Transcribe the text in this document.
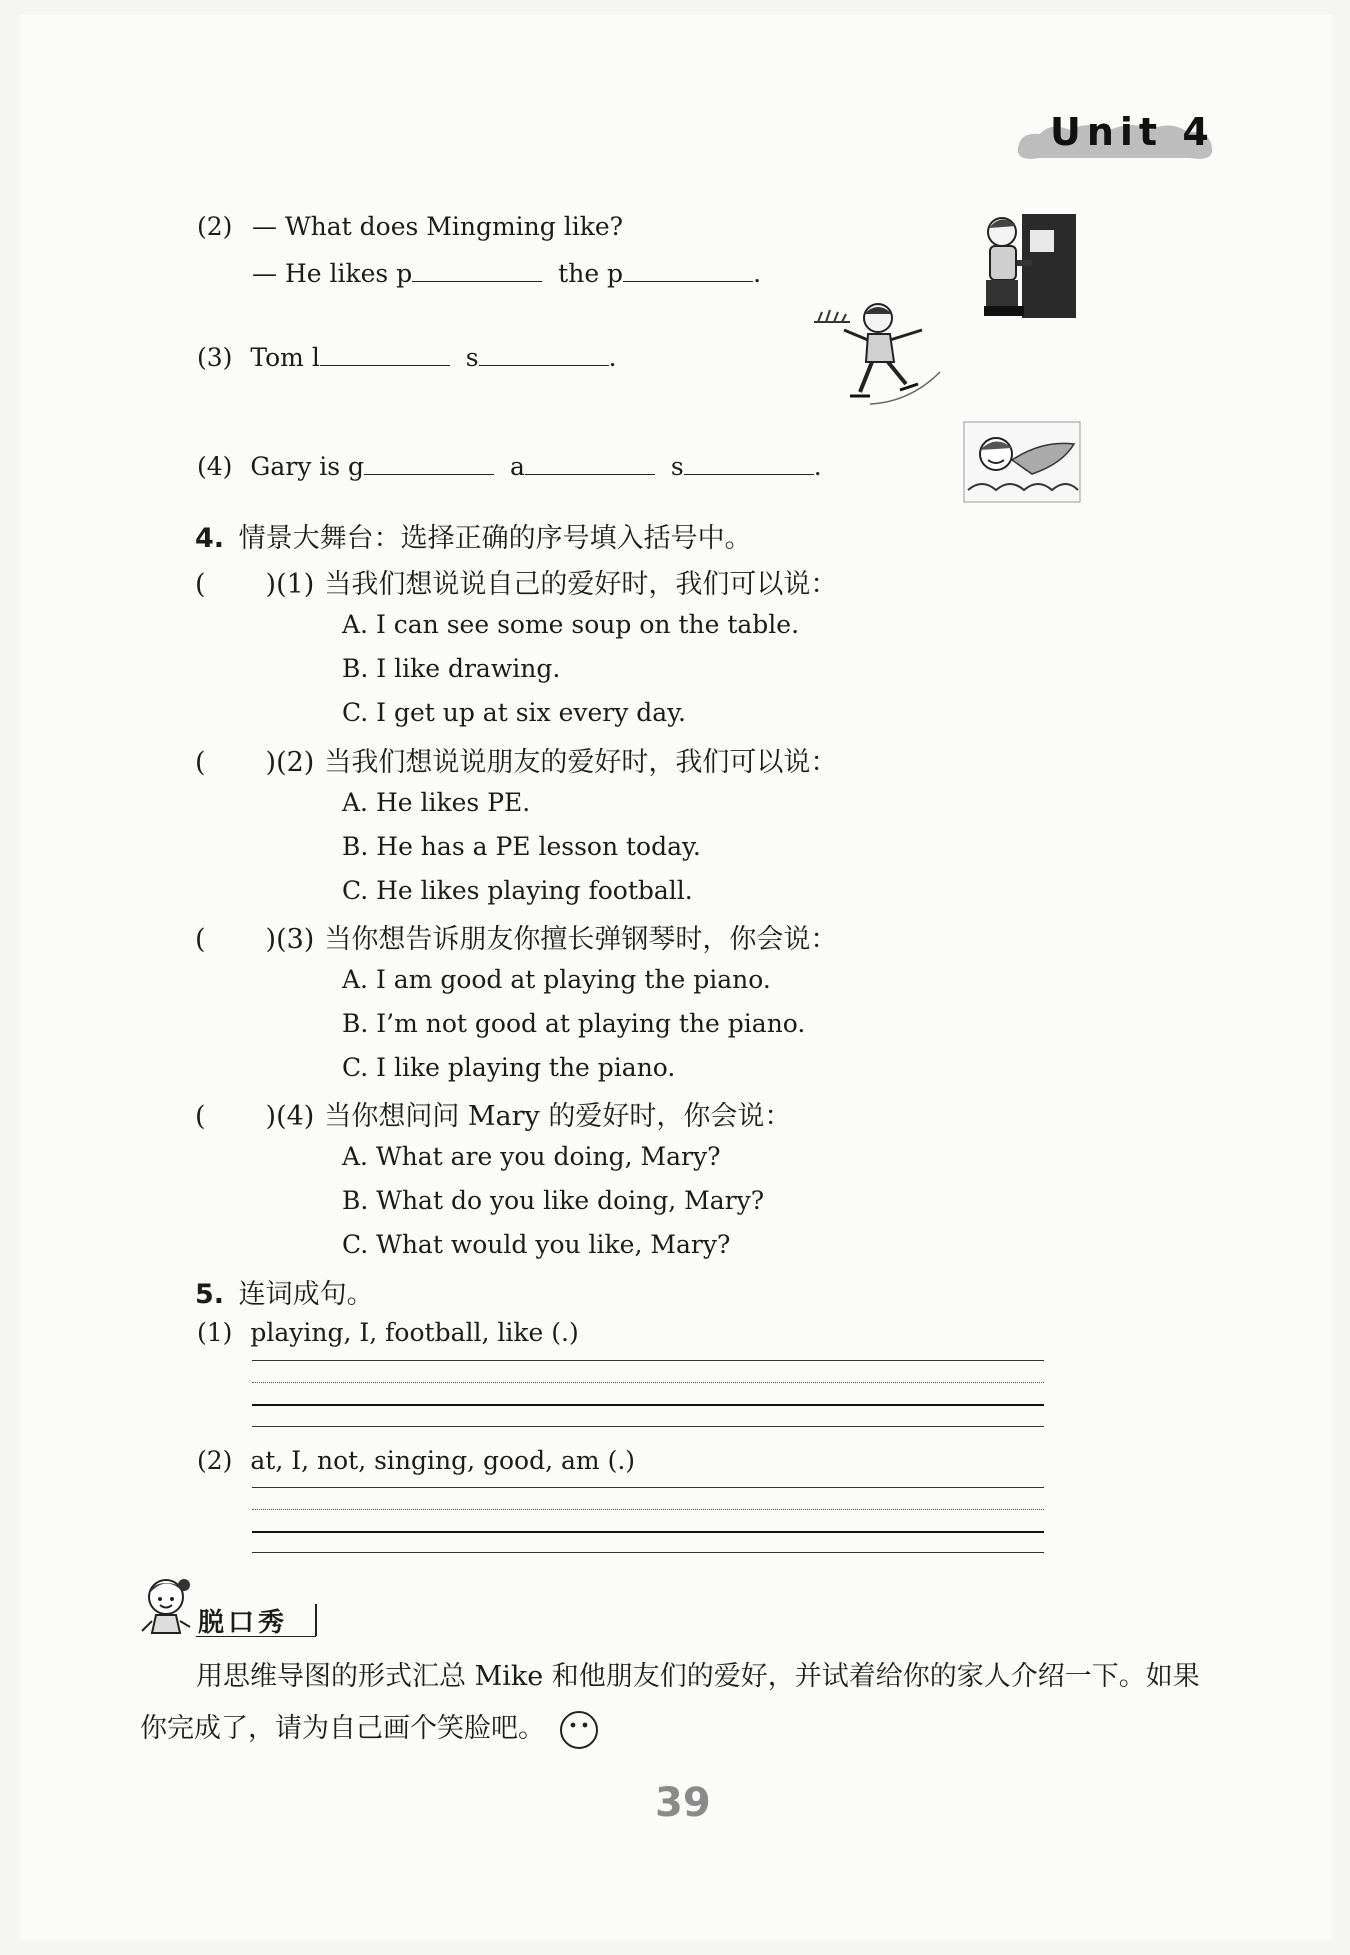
Unit 4
(2) — What does Mingming like?
— He likes p	the p	.
(3) Tom l	s	.
(4) Gary is g	a	s	.
4. 情景大舞台：选择正确的序号填入括号中。
( )(1) 当我们想说说自己的爱好时，我们可以说：
A. I can see some soup on the table.
B. I like drawing.
C. I get up at six every day.
( )(2) 当我们想说说朋友的爱好时，我们可以说：
A. He likes PE.
B. He has a PE lesson today.
C. He likes playing football.
( )(3) 当你想告诉朋友你擅长弹钢琴时，你会说：
A. I am good at playing the piano.
B. I’m not good at playing the piano.
C. I like playing the piano.
( )(4) 当你想问问 Mary 的爱好时，你会说：
A. What are you doing, Mary?
B. What do you like doing, Mary?
C. What would you like, Mary?
5. 连词成句。
(1) playing, I, football, like (.)
(2) at, I, not, singing, good, am (.)
脱口秀
用思维导图的形式汇总 Mike 和他朋友们的爱好，并试着给你的家人介绍一下。如果
你完成了，请为自己画个笑脸吧。
39
